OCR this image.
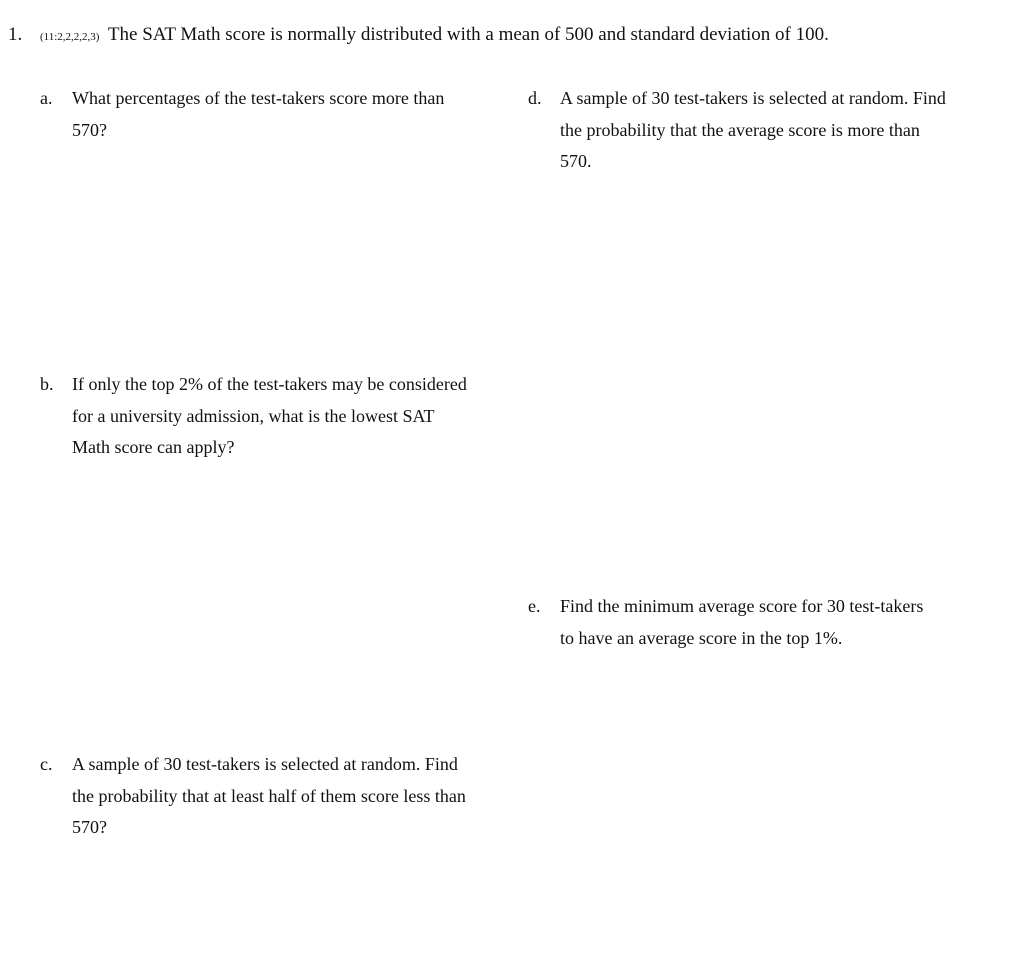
1. (11:2,2,2,2,3) The SAT Math score is normally distributed with a mean of 500 and standard deviation of 100.
a. What percentages of the test-takers score more than 570?
b. If only the top 2% of the test-takers may be considered for a university admission, what is the lowest SAT Math score can apply?
c. A sample of 30 test-takers is selected at random. Find the probability that at least half of them score less than 570?
d. A sample of 30 test-takers is selected at random. Find the probability that the average score is more than 570.
e. Find the minimum average score for 30 test-takers to have an average score in the top 1%.
